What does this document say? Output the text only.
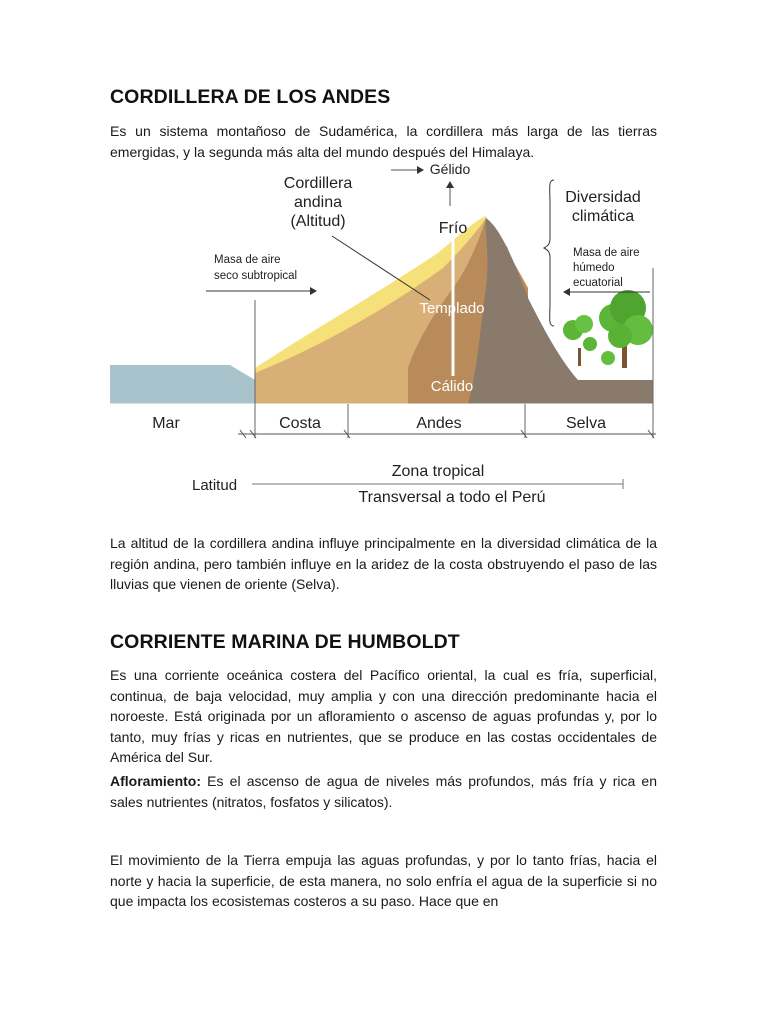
CORDILLERA DE LOS ANDES

Es un sistema montañoso de Sudamérica, la cordillera más larga de las tierras emergidas, y la segunda más alta del mundo después del Himalaya.

La altitud de la cordillera andina influye principalmente en la diversidad climática de la región andina, pero también influye en la aridez de la costa obstruyendo el paso de las lluvias que vienen de oriente (Selva).

CORRIENTE MARINA DE HUMBOLDT

Es una corriente oceánica costera del Pacífico oriental, la cual es fría, superficial, continua, de baja velocidad, muy amplia y con una dirección predominante hacia el noroeste. Está originada por un afloramiento o ascenso de aguas profundas y, por lo tanto, muy frías y ricas en nutrientes, que se produce en las costas occidentales de América del Sur.

Afloramiento: Es el ascenso de agua de niveles más profundos, más fría y rica en sales nutrientes (nitratos, fosfatos y silicatos).

El movimiento de la Tierra empuja las aguas profundas, y por lo tanto frías, hacia el norte y hacia la superficie, de esta manera, no solo enfría el agua de la superficie si no que impacta los ecosistemas costeros a su paso. Hace que en

Mar	Costa	Andes	Selva
Gélido
Cordillera
andina
(Altitud)	Frío
Diversidad
climática
Masa de aire
seco subtropical
Masa de aire
húmedo
ecuatorial
Templado
Cálido
Latitud
Zona tropical
Transversal a todo el Perú
